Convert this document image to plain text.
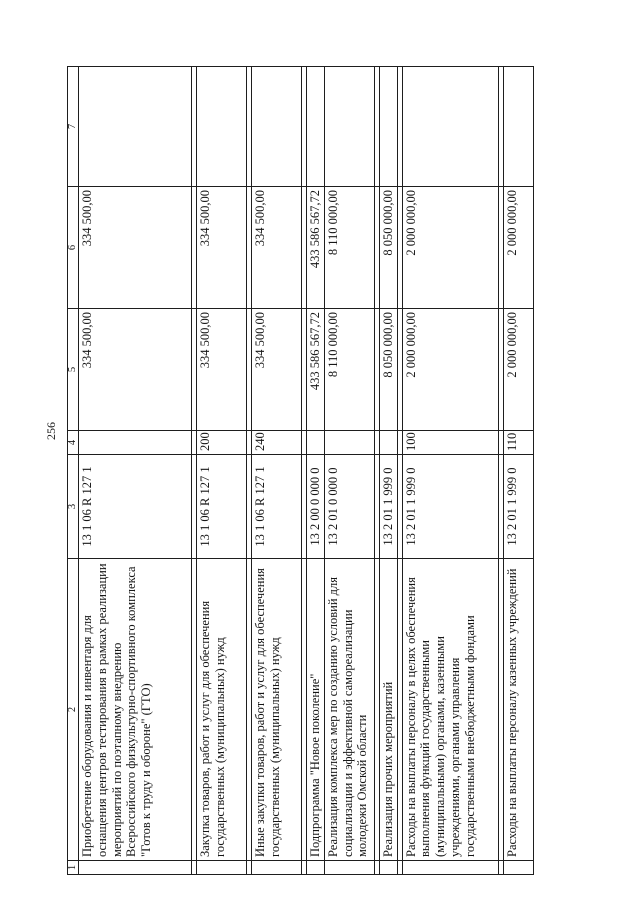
256
1	2	3	4	5	6	7
	Приобретение оборудования и инвентаря для оснащения центров тестирования в рамках реализации мероприятий по поэтапному внедрению Всероссийского физкультурно-спортивного комплекса "Готов к труду и обороне" (ГТО)	13 1 06 R 127 1		334 500,00	334 500,00	

	Закупка товаров, работ и услуг для обеспечения государственных (муниципальных) нужд	13 1 06 R 127 1	200	334 500,00	334 500,00	

	Иные закупки товаров, работ и услуг для обеспечения государственных (муниципальных) нужд	13 1 06 R 127 1	240	334 500,00	334 500,00	

	Подпрограмма "Новое поколение"	13 2 00 0 000 0		433 586 567,72	433 586 567,72	
	Реализация комплекса мер по созданию условий для социализации и эффективной самореализации молодежи Омской области	13 2 01 0 000 0		8 110 000,00	8 110 000,00	

	Реализация прочих мероприятий	13 2 01 1 999 0		8 050 000,00	8 050 000,00	

	Расходы на выплаты персоналу в целях обеспечения выполнения функций государственными (муниципальными) органами, казенными учреждениями, органами управления государственными внебюджетными фондами	13 2 01 1 999 0	100	2 000 000,00	2 000 000,00	

	Расходы на выплаты персоналу казенных учреждений	13 2 01 1 999 0	110	2 000 000,00	2 000 000,00	
